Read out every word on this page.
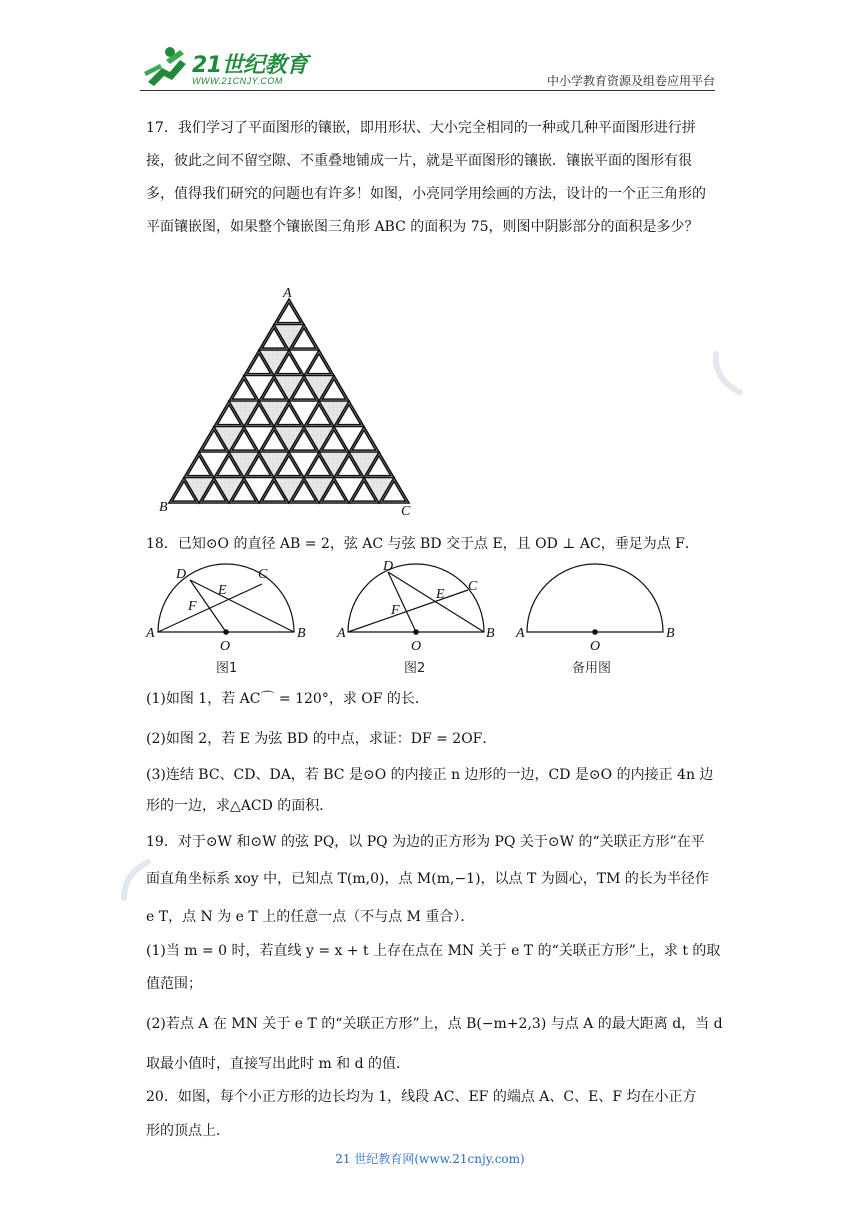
21世纪教育
WWW.21CNJY.COM	中小学教育资源及组卷应用平台
17．我们学习了平面图形的镶嵌，即用形状、大小完全相同的一种或几种平面图形进行拼接，彼此之间不留空隙、不重叠地铺成一片，就是平面图形的镶嵌．镶嵌平面的图形有很多，值得我们研究的问题也有许多！如图，小亮同学用绘画的方法，设计的一个正三角形的平面镶嵌图，如果整个镶嵌图三角形 ABC 的面积为 75，则图中阴影部分的面积是多少？
A
B	C
18．已知⊙O 的直径 AB = 2，弦 AC 与弦 BD 交于点 E，且 OD ⊥ AC，垂足为点 F．
A	B
D	C
E
F
O
A	B
D
C
E
F
O
A	B
O
图1	图2	备用图
(1)如图 1，若 AC⌒ = 120°，求 OF 的长．
(2)如图 2，若 E 为弦 BD 的中点，求证：DF = 2OF．
(3)连结 BC、CD、DA，若 BC 是⊙O 的内接正 n 边形的一边，CD 是⊙O 的内接正 4n 边
形的一边，求△ACD 的面积．
19．对于⊙W 和⊙W 的弦 PQ，以 PQ 为边的正方形为 PQ 关于⊙W 的“关联正方形”在平
面直角坐标系 xoy 中，已知点 T(m,0)，点 M(m,−1)，以点 T 为圆心，TM 的长为半径作
e T，点 N 为 e T 上的任意一点（不与点 M 重合）．
(1)当 m = 0 时，若直线 y = x + t 上存在点在 MN 关于 e T 的“关联正方形”上，求 t 的取
值范围；
(2)若点 A 在 MN 关于 e T 的“关联正方形”上，点 B(−m+2,3) 与点 A 的最大距离 d，当 d
取最小值时，直接写出此时 m 和 d 的值．
20．如图，每个小正方形的边长均为 1，线段 AC、EF 的端点 A、C、E、F 均在小正方
形的顶点上．
21 世纪教育网(www.21cnjy.com)
